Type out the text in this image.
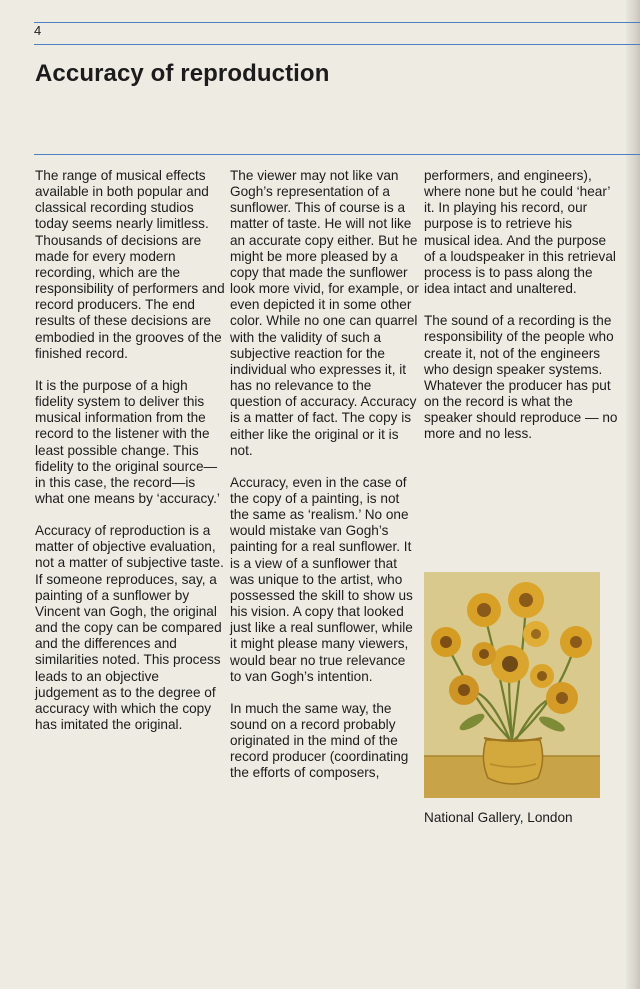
4
Accuracy of reproduction

The range of musical effects available in both popular and classical recording studios today seems nearly limitless. Thousands of decisions are made for every modern recording, which are the responsibility of performers and record producers. The end results of these decisions are embodied in the grooves of the finished record.

It is the purpose of a high fidelity system to deliver this musical information from the record to the listener with the least possible change. This fidelity to the original source—in this case, the record—is what one means by ‘accuracy.’

Accuracy of reproduction is a matter of objective evaluation, not a matter of subjective taste. If someone reproduces, say, a painting of a sunflower by Vincent van Gogh, the original and the copy can be compared and the differences and similarities noted. This process leads to an objective judgement as to the degree of accuracy with which the copy has imitated the original.

The viewer may not like van Gogh’s representation of a sunflower. This of course is a matter of taste. He will not like an accurate copy either. But he might be more pleased by a copy that made the sunflower look more vivid, for example, or even depicted it in some other color. While no one can quarrel with the validity of such a subjective reaction for the individual who expresses it, it has no relevance to the question of accuracy. Accuracy is a matter of fact. The copy is either like the original or it is not.

Accuracy, even in the case of the copy of a painting, is not the same as ‘realism.’ No one would mistake van Gogh’s painting for a real sunflower. It is a view of a sunflower that was unique to the artist, who possessed the skill to show us his vision. A copy that looked just like a real sunflower, while it might please many viewers, would bear no true relevance to van Gogh’s intention.

In much the same way, the sound on a record probably originated in the mind of the record producer (coordinating the efforts of composers,

performers, and engineers), where none but he could ‘hear’ it. In playing his record, our purpose is to retrieve his musical idea. And the purpose of a loudspeaker in this retrieval process is to pass along the idea intact and unaltered.

The sound of a recording is the responsibility of the people who create it, not of the engineers who design speaker systems. Whatever the producer has put on the record is what the speaker should reproduce — no more and no less.

National Gallery, London
